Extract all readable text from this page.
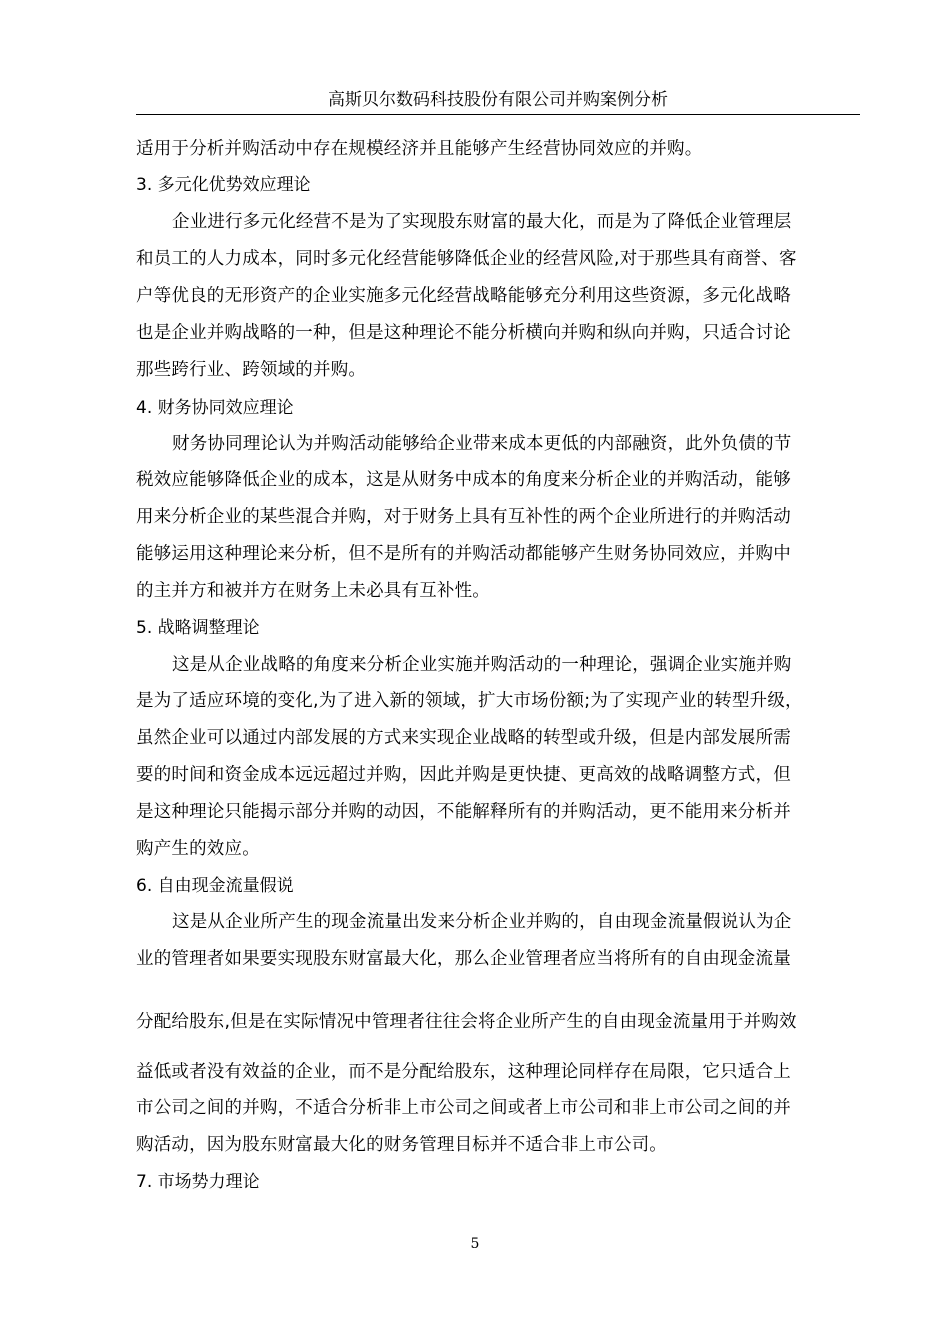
高斯贝尔数码科技股份有限公司并购案例分析
适用于分析并购活动中存在规模经济并且能够产生经营协同效应的并购。
3. 多元化优势效应理论
企业进行多元化经营不是为了实现股东财富的最大化，而是为了降低企业管理层
和员工的人力成本，同时多元化经营能够降低企业的经营风险,对于那些具有商誉、客
户等优良的无形资产的企业实施多元化经营战略能够充分利用这些资源，多元化战略
也是企业并购战略的一种，但是这种理论不能分析横向并购和纵向并购，只适合讨论
那些跨行业、跨领域的并购。
4. 财务协同效应理论
财务协同理论认为并购活动能够给企业带来成本更低的内部融资，此外负债的节
税效应能够降低企业的成本，这是从财务中成本的角度来分析企业的并购活动，能够
用来分析企业的某些混合并购，对于财务上具有互补性的两个企业所进行的并购活动
能够运用这种理论来分析，但不是所有的并购活动都能够产生财务协同效应，并购中
的主并方和被并方在财务上未必具有互补性。
5. 战略调整理论
这是从企业战略的角度来分析企业实施并购活动的一种理论，强调企业实施并购
是为了适应环境的变化,为了进入新的领域，扩大市场份额;为了实现产业的转型升级，
虽然企业可以通过内部发展的方式来实现企业战略的转型或升级，但是内部发展所需
要的时间和资金成本远远超过并购，因此并购是更快捷、更高效的战略调整方式，但
是这种理论只能揭示部分并购的动因，不能解释所有的并购活动，更不能用来分析并
购产生的效应。
6. 自由现金流量假说
这是从企业所产生的现金流量出发来分析企业并购的，自由现金流量假说认为企
业的管理者如果要实现股东财富最大化，那么企业管理者应当将所有的自由现金流量
分配给股东,但是在实际情况中管理者往往会将企业所产生的自由现金流量用于并购效
益低或者没有效益的企业，而不是分配给股东，这种理论同样存在局限，它只适合上
市公司之间的并购，不适合分析非上市公司之间或者上市公司和非上市公司之间的并
购活动，因为股东财富最大化的财务管理目标并不适合非上市公司。
7. 市场势力理论
5
